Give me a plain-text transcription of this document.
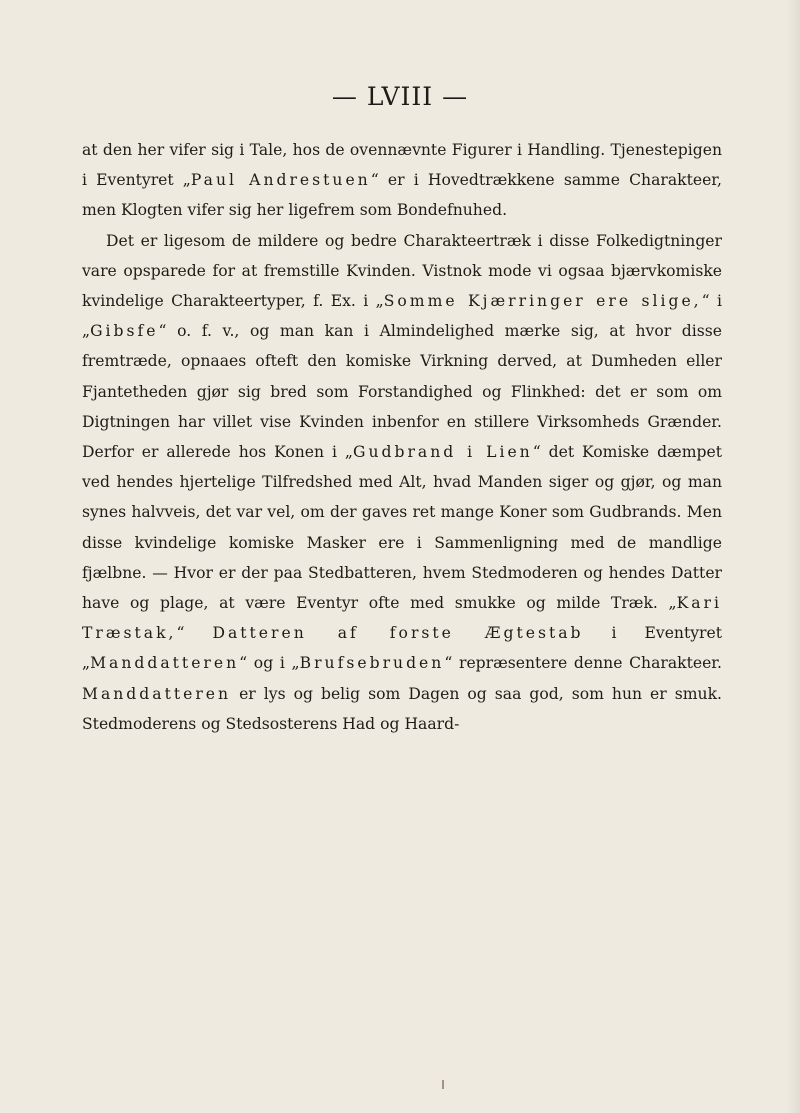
— LVIII —

at den her vifer sig i Tale, hos de ovennævnte Figurer i Handling. Tjenestepigen i Eventyret „Paul Andrestuen“ er i Hovedtrækkene samme Charakteer, men Klogten vifer sig her ligefrem som Bondefnuhed.

Det er ligesom de mildere og bedre Charakteertræk i disse Folkedigtninger vare opsparede for at fremstille Kvinden. Vistnok mode vi ogsaa bjærvkomiske kvindelige Charakteertyper, f. Ex. i „Somme Kjærringer ere slige,“ i „Gibsfe“ o. f. v., og man kan i Almindelighed mærke sig, at hvor disse fremtræde, opnaaes ofteft den komiske Virkning derved, at Dumheden eller Fjantetheden gjør sig bred som Forstandighed og Flinkhed: det er som om Digtningen har villet vise Kvinden inbenfor en stillere Virksomheds Grænder. Derfor er allerede hos Konen i „Gudbrand i Lien“ det Komiske dæmpet ved hendes hjertelige Tilfredshed med Alt, hvad Manden siger og gjør, og man synes halvveis, det var vel, om der gaves ret mange Koner som Gudbrands. Men disse kvindelige komiske Masker ere i Sammenligning med de mandlige fjælbne. — Hvor er der paa Stedbatteren, hvem Stedmoderen og hendes Datter have og plage, at være Eventyr ofte med smukke og milde Træk. „Kari Træstak,“ Datteren af forste Ægtestab i Eventyret „Manddatteren“ og i „Brufsebruden“ repræsentere denne Charakteer. Manddatteren er lys og belig som Dagen og saa god, som hun er smuk. Stedmoderens og Stedsosterens Had og Haard-
